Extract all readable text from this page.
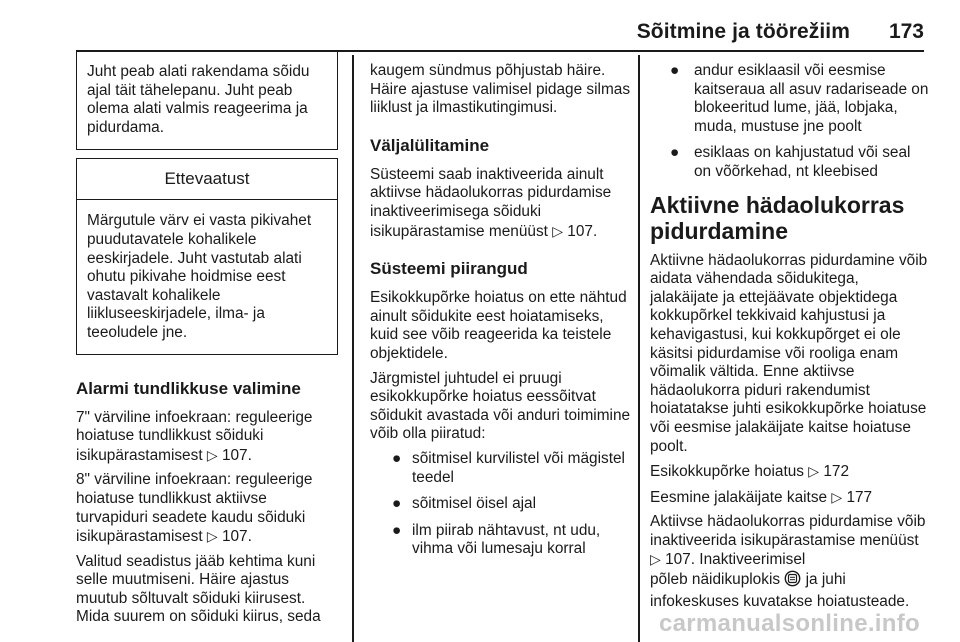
Sõitmine ja töörežiim 173
Juht peab alati rakendama sõidu ajal täit tähelepanu. Juht peab olema alati valmis reageerima ja pidurdama.
Ettevaatust
Märgutule värv ei vasta pikivahet puudutavatele kohalikele eeskirjadele. Juht vastutab alati ohutu pikivahe hoidmise eest vastavalt kohalikele liikluseeskirjadele, ilma- ja teeoludele jne.
Alarmi tundlikkuse valimine

7" värviline infoekraan: reguleerige hoiatuse tundlikkust sõiduki isikupärastamisest ▷ 107.

8" värviline infoekraan: reguleerige hoiatuse tundlikkust aktiivse turvapiduri seadete kaudu sõiduki isikupärastamisest ▷ 107.

Valitud seadistus jääb kehtima kuni selle muutmiseni. Häire ajastus muutub sõltuvalt sõiduki kiirusest. Mida suurem on sõiduki kiirus, seda

kaugem sündmus põhjustab häire. Häire ajastuse valimisel pidage silmas liiklust ja ilmastikutingimusi.

Väljalülitamine

Süsteemi saab inaktiveerida ainult aktiivse hädaolukorras pidurdamise inaktiveerimisega sõiduki isikupärastamise menüüst ▷ 107.

Süsteemi piirangud

Esikokkupõrke hoiatus on ette nähtud ainult sõidukite eest hoiatamiseks, kuid see võib reageerida ka teistele objektidele.

Järgmistel juhtudel ei pruugi esikokkupõrke hoiatus eessõitvat sõidukit avastada või anduri toimimine võib olla piiratud:

● sõitmisel kurvilistel või mägistel teedel
● sõitmisel öisel ajal
● ilm piirab nähtavust, nt udu, vihma või lumesaju korral
● andur esiklaasil või eesmise kaitseraua all asuv radariseade on blokeeritud lume, jää, lobjaka, muda, mustuse jne poolt
● esiklaas on kahjustatud või seal on võõrkehad, nt kleebised
Aktiivne hädaolukorras pidurdamine

Aktiivne hädaolukorras pidurdamine võib aidata vähendada sõidukitega, jalakäijate ja ettejäävate objektidega kokkupõrkel tekkivaid kahjustusi ja kehavigastusi, kui kokkupõrget ei ole käsitsi pidurdamise või rooliga enam võimalik vältida. Enne aktiivse hädaolukorra piduri rakendumist hoiatatakse juhti esikokkupõrke hoiatuse või eesmise jalakäijate kaitse hoiatuse poolt.

Esikokkupõrke hoiatus ▷ 172

Eesmine jalakäijate kaitse ▷ 177

Aktiivse hädaolukorras pidurdamise võib inaktiveerida isikupärastamise menüüst ▷ 107. Inaktiveerimisel
põleb näidikuplokis ja juhi infokeskuses kuvatakse hoiatusteade.

carmanualsonline.info
